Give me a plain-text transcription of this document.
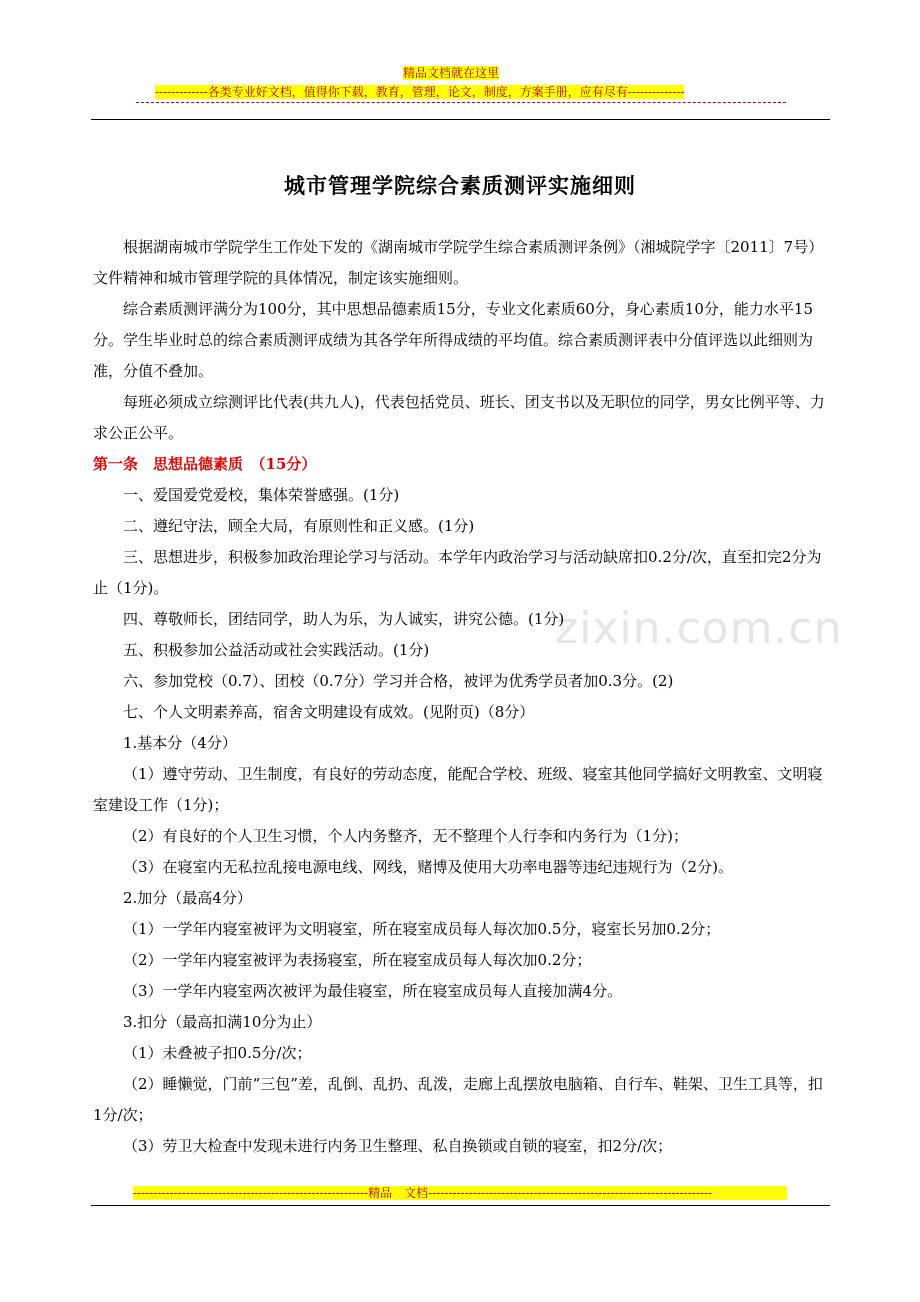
精品文档就在这里
-------------各类专业好文档，值得你下载，教育，管理，论文，制度，方案手册，应有尽有--------------
zixin.com.cn
城市管理学院综合素质测评实施细则

根据湖南城市学院学生工作处下发的《湖南城市学院学生综合素质测评条例》（湘城院学字〔2011〕7号）文件精神和城市管理学院的具体情况，制定该实施细则。

综合素质测评满分为100分，其中思想品德素质15分，专业文化素质60分，身心素质10分，能力水平15分。学生毕业时总的综合素质测评成绩为其各学年所得成绩的平均值。综合素质测评表中分值评选以此细则为准，分值不叠加。

每班必须成立综测评比代表(共九人)，代表包括党员、班长、团支书以及无职位的同学，男女比例平等、力求公正公平。

第一条　思想品德素质　（15分）

一、爱国爱党爱校，集体荣誉感强。(1分)

二、遵纪守法，顾全大局，有原则性和正义感。(1分)

三、思想进步，积极参加政治理论学习与活动。本学年内政治学习与活动缺席扣0.2分/次，直至扣完2分为止（1分)。

四、尊敬师长，团结同学，助人为乐，为人诚实，讲究公德。(1分)

五、积极参加公益活动或社会实践活动。(1分)

六、参加党校（0.7）、团校（0.7分）学习并合格，被评为优秀学员者加0.3分。(2)

七、个人文明素养高，宿舍文明建设有成效。(见附页)（8分）

1.基本分（4分）

（1）遵守劳动、卫生制度，有良好的劳动态度，能配合学校、班级、寝室其他同学搞好文明教室、文明寝室建设工作（1分)；

（2）有良好的个人卫生习惯，个人内务整齐，无不整理个人行李和内务行为（1分)；

（3）在寝室内无私拉乱接电源电线、网线，赌博及使用大功率电器等违纪违规行为（2分)。

2.加分（最高4分）

（1）一学年内寝室被评为文明寝室，所在寝室成员每人每次加0.5分，寝室长另加0.2分；

（2）一学年内寝室被评为表扬寝室，所在寝室成员每人每次加0.2分；

（3）一学年内寝室两次被评为最佳寝室，所在寝室成员每人直接加满4分。

3.扣分（最高扣满10分为止）

（1）未叠被子扣0.5分/次；

（2）睡懒觉，门前“三包”差，乱倒、乱扔、乱泼，走廊上乱摆放电脑箱、自行车、鞋架、卫生工具等，扣 1分/次；

（3）劳卫大检查中发现未进行内务卫生整理、私自换锁或自锁的寝室，扣2分/次；

----------------------------------------------------------精品　文档----------------------------------------------------------------------
